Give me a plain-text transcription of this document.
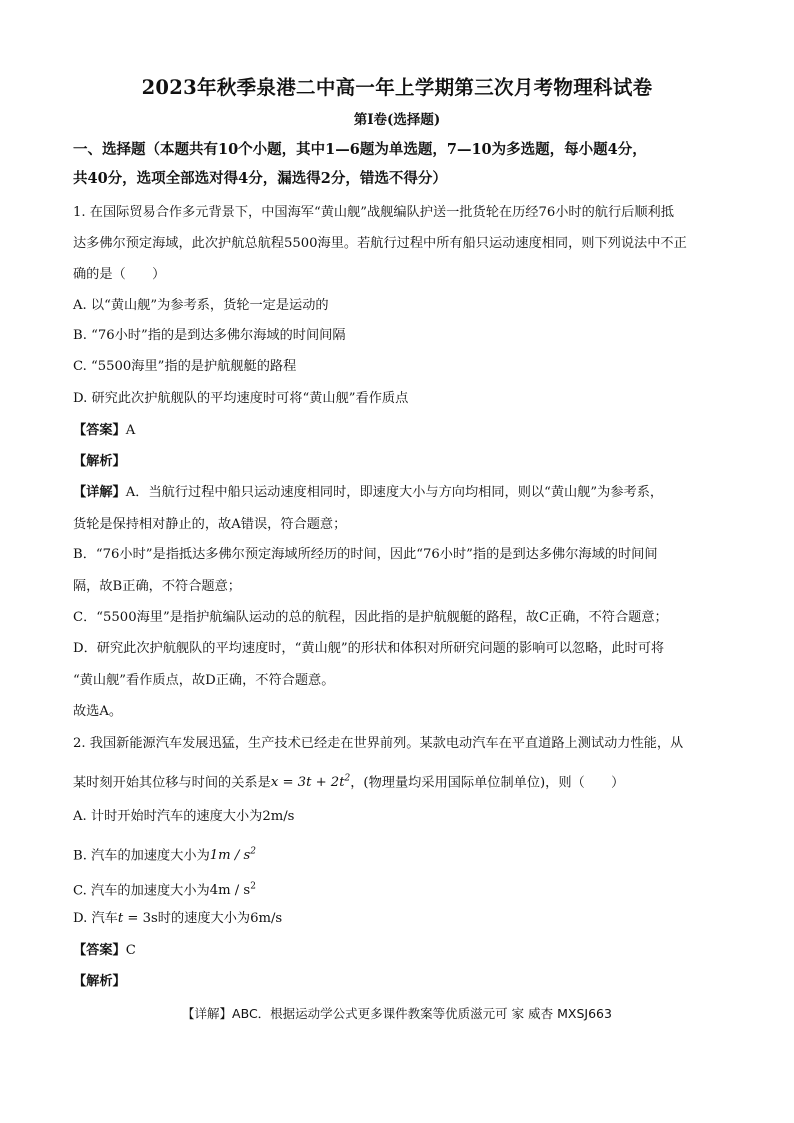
2023年秋季泉港二中高一年上学期第三次月考物理科试卷
第I卷(选择题)
一、选择题（本题共有10个小题，其中1—6题为单选题，7—10为多选题，每小题4分，
共40分，选项全部选对得4分，漏选得2分，错选不得分）
1. 在国际贸易合作多元背景下，中国海军“黄山舰”战舰编队护送一批货轮在历经76小时的航行后顺利抵
达多佛尔预定海域，此次护航总航程5500海里。若航行过程中所有船只运动速度相同，则下列说法中不正
确的是（　　）
A. 以“黄山舰”为参考系，货轮一定是运动的
B. “76小时”指的是到达多佛尔海域的时间间隔
C. “5500海里”指的是护航舰艇的路程
D. 研究此次护航舰队的平均速度时可将“黄山舰”看作质点
【答案】A
【解析】
【详解】A．当航行过程中船只运动速度相同时，即速度大小与方向均相同，则以“黄山舰”为参考系，
货轮是保持相对静止的，故A错误，符合题意；
B．“76小时”是指抵达多佛尔预定海域所经历的时间，因此“76小时”指的是到达多佛尔海域的时间间
隔，故B正确，不符合题意；
C．“5500海里”是指护航编队运动的总的航程，因此指的是护航舰艇的路程，故C正确，不符合题意；
D．研究此次护航舰队的平均速度时，“黄山舰”的形状和体积对所研究问题的影响可以忽略，此时可将
“黄山舰”看作质点，故D正确，不符合题意。
故选A。
2. 我国新能源汽车发展迅猛，生产技术已经走在世界前列。某款电动汽车在平直道路上测试动力性能，从
某时刻开始其位移与时间的关系是$x = 3t + 2t^2$，(物理量均采用国际单位制单位)，则（　　）
A. 计时开始时汽车的速度大小为2m/s
B. 汽车的加速度大小为$1m / s^2$
C. 汽车的加速度大小为$4m / s^2$
D. 汽车t = 3s时的速度大小为6m/s
【答案】C
【解析】
【详解】ABC．根据运动学公式更多课件教案等优质滋元可 家 威杏 MXSJ663
